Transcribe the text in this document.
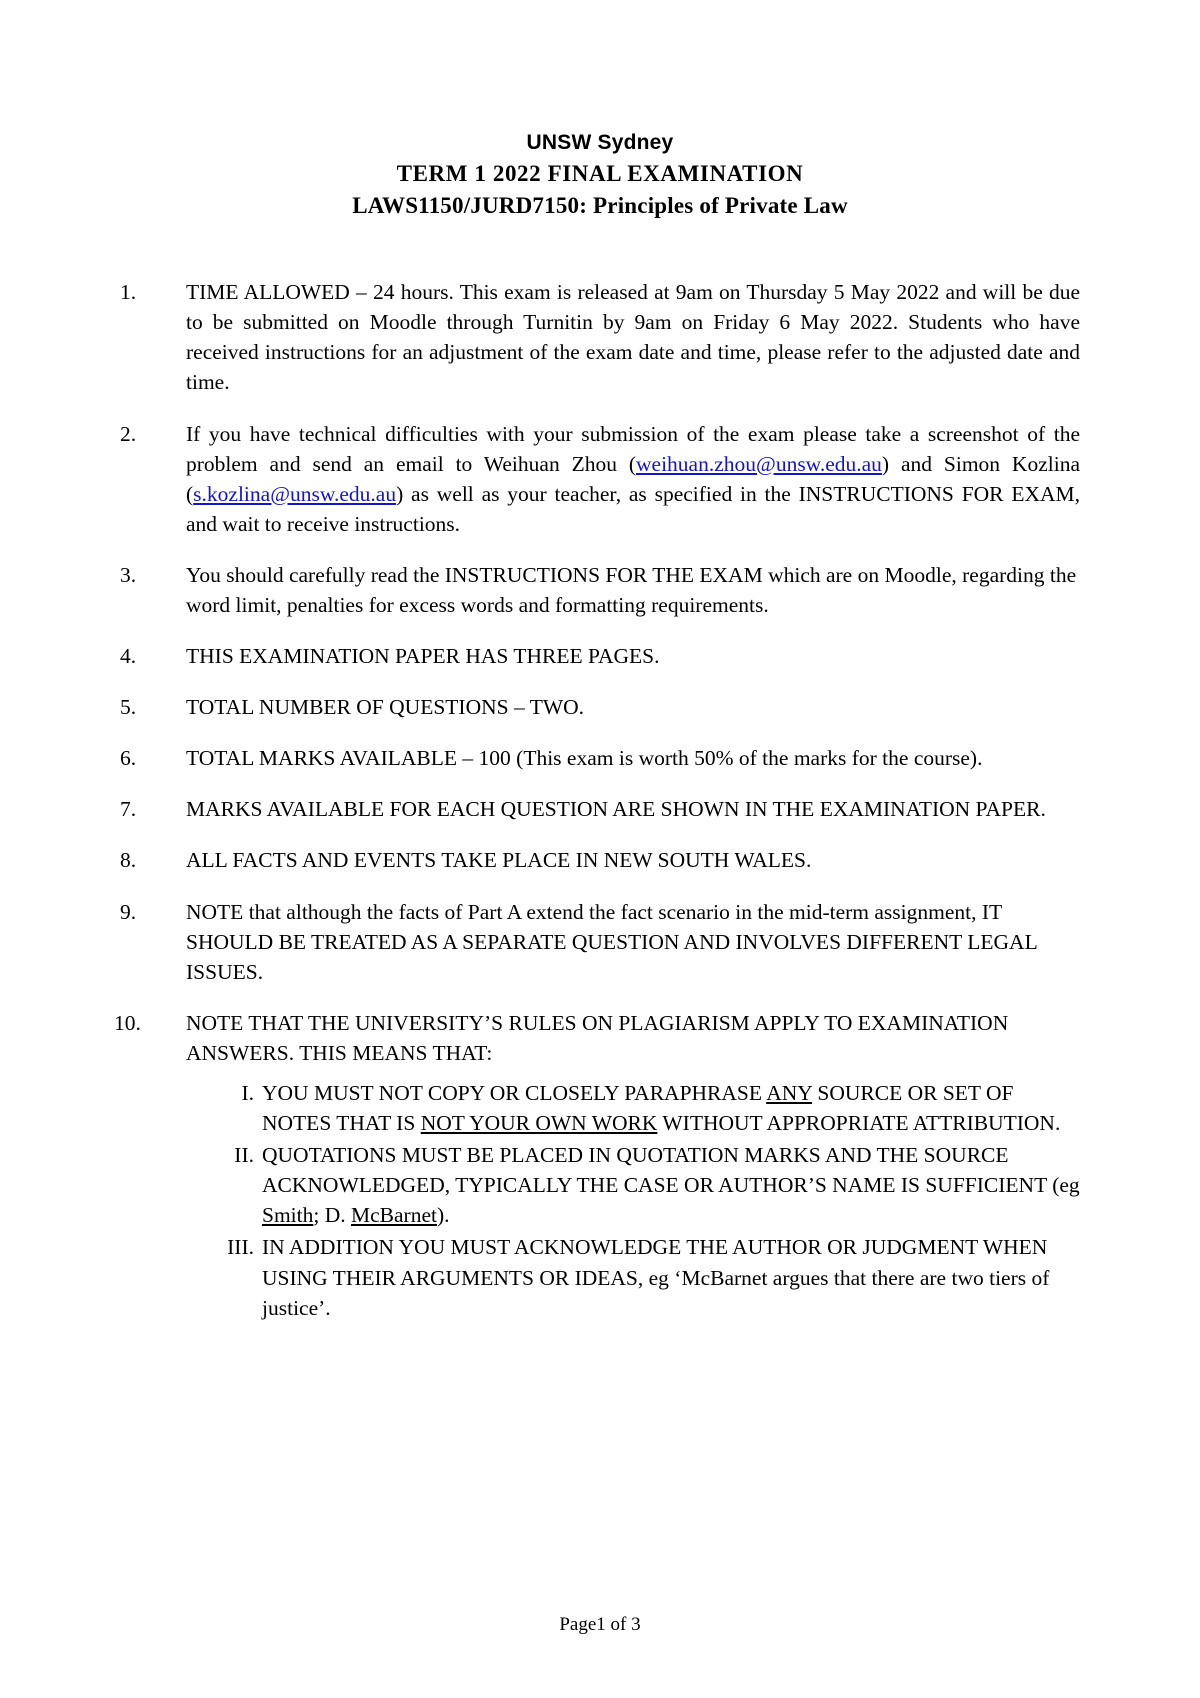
UNSW Sydney
TERM 1 2022 FINAL EXAMINATION
LAWS1150/JURD7150: Principles of Private Law
1.	TIME ALLOWED – 24 hours. This exam is released at 9am on Thursday 5 May 2022 and will be due to be submitted on Moodle through Turnitin by 9am on Friday 6 May 2022. Students who have received instructions for an adjustment of the exam date and time, please refer to the adjusted date and time.
2.	If you have technical difficulties with your submission of the exam please take a screenshot of the problem and send an email to Weihuan Zhou (weihuan.zhou@unsw.edu.au) and Simon Kozlina (s.kozlina@unsw.edu.au) as well as your teacher, as specified in the INSTRUCTIONS FOR EXAM, and wait to receive instructions.
3.	You should carefully read the INSTRUCTIONS FOR THE EXAM which are on Moodle, regarding the word limit, penalties for excess words and formatting requirements.
4.	THIS EXAMINATION PAPER HAS THREE PAGES.
5.	TOTAL NUMBER OF QUESTIONS – TWO.
6.	TOTAL MARKS AVAILABLE – 100 (This exam is worth 50% of the marks for the course).
7.	MARKS AVAILABLE FOR EACH QUESTION ARE SHOWN IN THE EXAMINATION PAPER.
8.	ALL FACTS AND EVENTS TAKE PLACE IN NEW SOUTH WALES.
9.	NOTE that although the facts of Part A extend the fact scenario in the mid-term assignment, IT SHOULD BE TREATED AS A SEPARATE QUESTION AND INVOLVES DIFFERENT LEGAL ISSUES.
10.	NOTE THAT THE UNIVERSITY’S RULES ON PLAGIARISM APPLY TO EXAMINATION ANSWERS. THIS MEANS THAT:
I. YOU MUST NOT COPY OR CLOSELY PARAPHRASE ANY SOURCE OR SET OF NOTES THAT IS NOT YOUR OWN WORK WITHOUT APPROPRIATE ATTRIBUTION.
II. QUOTATIONS MUST BE PLACED IN QUOTATION MARKS AND THE SOURCE ACKNOWLEDGED, TYPICALLY THE CASE OR AUTHOR’S NAME IS SUFFICIENT (eg Smith; D. McBarnet).
III. IN ADDITION YOU MUST ACKNOWLEDGE THE AUTHOR OR JUDGMENT WHEN USING THEIR ARGUMENTS OR IDEAS, eg ‘McBarnet argues that there are two tiers of justice’.
Page1 of 3
